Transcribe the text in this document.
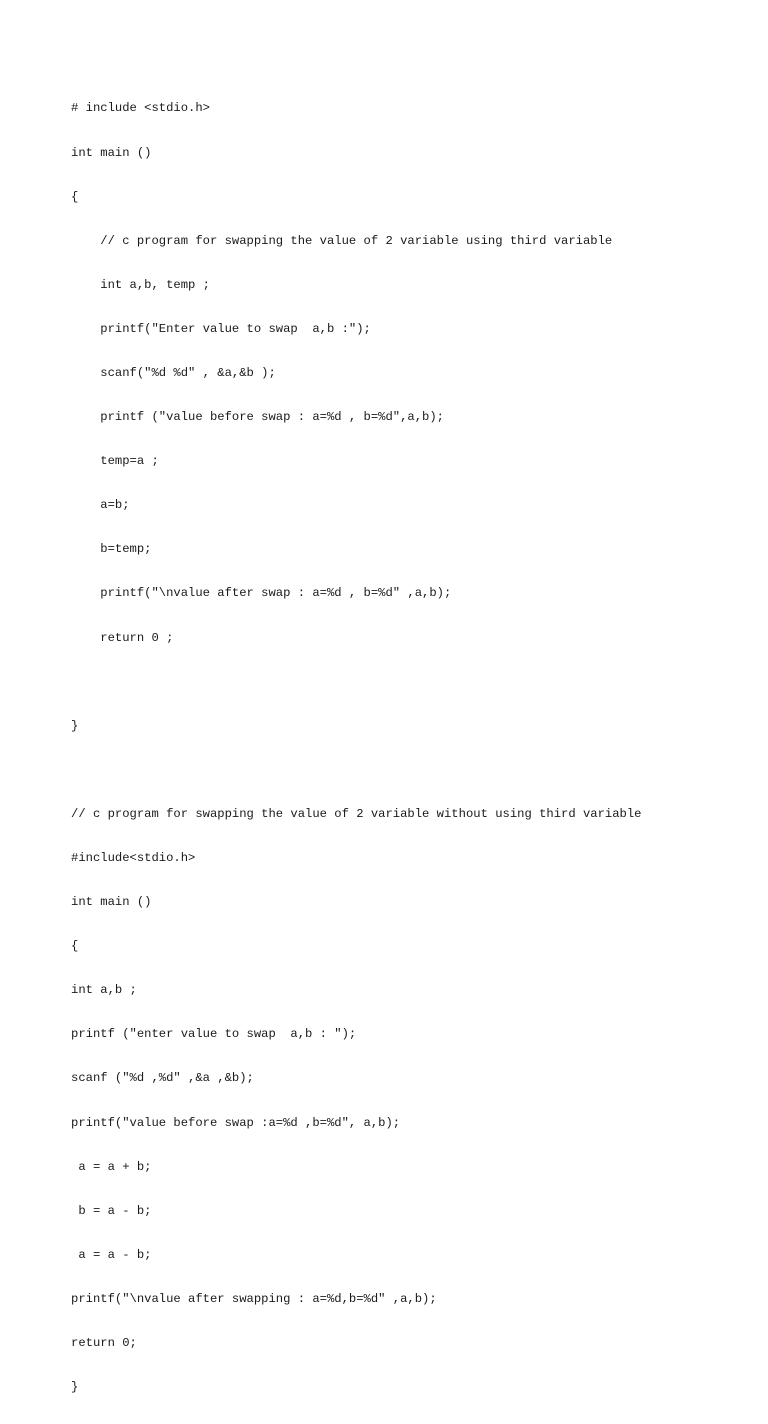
# include <stdio.h>

int main ()

{

// c program for swapping the value of 2 variable using third variable

int a,b, temp ;

printf("Enter value to swap  a,b :");

scanf("%d %d" , &a,&b );

printf ("value before swap : a=%d , b=%d",a,b);

temp=a ;

a=b;

b=temp;

printf("\nvalue after swap : a=%d , b=%d" ,a,b);

return 0 ;

}

// c program for swapping the value of 2 variable without using third variable

#include<stdio.h>

int main ()

{

int a,b ;

printf ("enter value to swap  a,b : ");

scanf ("%d ,%d" ,&a ,&b);

printf("value before swap :a=%d ,b=%d", a,b);

a = a + b;

b = a - b;

a = a - b;

printf("\nvalue after swapping : a=%d,b=%d" ,a,b);

return 0;

}
